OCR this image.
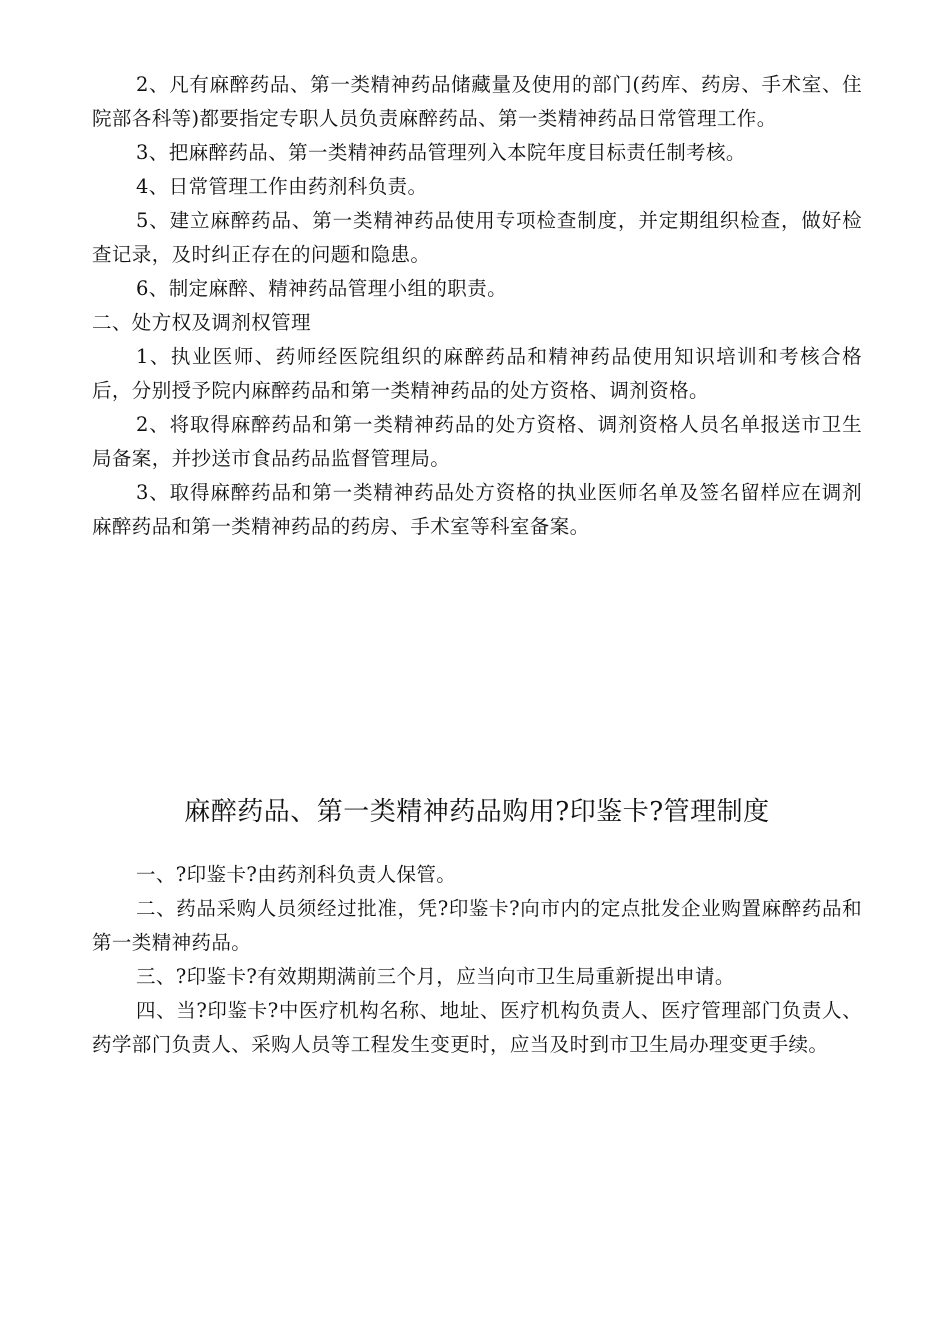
2、凡有麻醉药品、第一类精神药品储藏量及使用的部门(药库、药房、手术室、住院部各科等)都要指定专职人员负责麻醉药品、第一类精神药品日常管理工作。

3、把麻醉药品、第一类精神药品管理列入本院年度目标责任制考核。

4、日常管理工作由药剂科负责。

5、建立麻醉药品、第一类精神药品使用专项检查制度，并定期组织检查，做好检查记录，及时纠正存在的问题和隐患。

6、制定麻醉、精神药品管理小组的职责。

二、处方权及调剂权管理

1、执业医师、药师经医院组织的麻醉药品和精神药品使用知识培训和考核合格后，分别授予院内麻醉药品和第一类精神药品的处方资格、调剂资格。

2、将取得麻醉药品和第一类精神药品的处方资格、调剂资格人员名单报送市卫生局备案，并抄送市食品药品监督管理局。

3、取得麻醉药品和第一类精神药品处方资格的执业医师名单及签名留样应在调剂麻醉药品和第一类精神药品的药房、手术室等科室备案。

麻醉药品、第一类精神药品购用?印鉴卡?管理制度

一、?印鉴卡?由药剂科负责人保管。

二、药品采购人员须经过批准，凭?印鉴卡?向市内的定点批发企业购置麻醉药品和第一类精神药品。

三、?印鉴卡?有效期期满前三个月，应当向市卫生局重新提出申请。

四、当?印鉴卡?中医疗机构名称、地址、医疗机构负责人、医疗管理部门负责人、药学部门负责人、采购人员等工程发生变更时，应当及时到市卫生局办理变更手续。
